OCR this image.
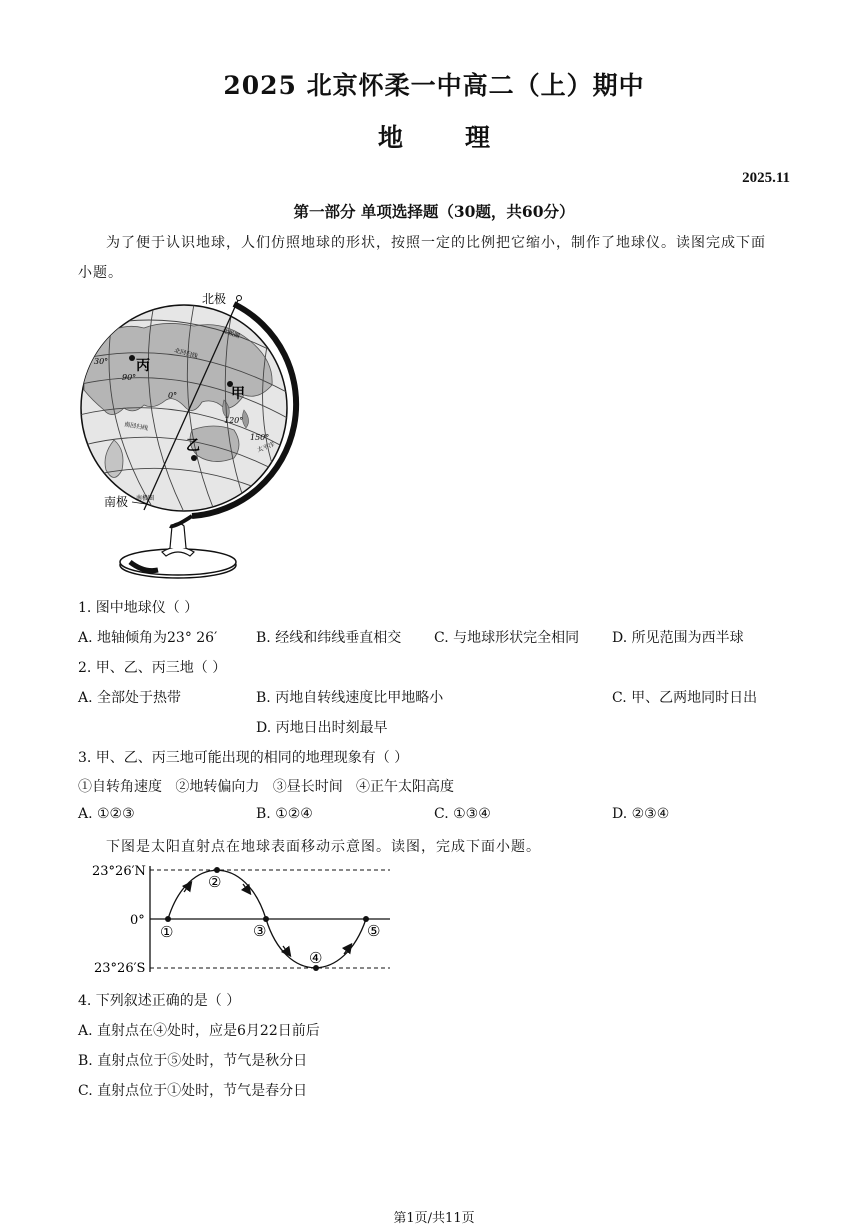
2025 北京怀柔一中高二（上）期中
地理
2025.11
第一部分 单项选择题（30题，共60分）
为了便于认识地球，人们仿照地球的形状，按照一定的比例把它缩小，制作了地球仪。读图完成下面
小题。
北极
南极
丙
甲
乙
30°
90°
0°
120°
150°
北极圈
北回归线
南回归线
南极圈
太平洋
1. 图中地球仪（ ）
A. 地轴倾角为23° 26′	B. 经线和纬线垂直相交 C. 与地球形状完全相同 D. 所见范围为西半球
2. 甲、乙、丙三地（ ）
A. 全部处于热带	B. 丙地自转线速度比甲地略小	C. 甲、乙两地同时日出
D. 丙地日出时刻最早
3. 甲、乙、丙三地可能出现的相同的地理现象有（ ）
①自转角速度   ②地转偏向力   ③昼长时间   ④正午太阳高度
A. ①②③	B. ①②④	C. ①③④	D. ②③④
下图是太阳直射点在地球表面移动示意图。读图，完成下面小题。
23°26′N
0°
23°26′S
①
②
③
④
⑤
4. 下列叙述正确的是（ ）
A. 直射点在④处时，应是6月22日前后
B. 直射点位于⑤处时，节气是秋分日
C. 直射点位于①处时，节气是春分日
第1页/共11页
